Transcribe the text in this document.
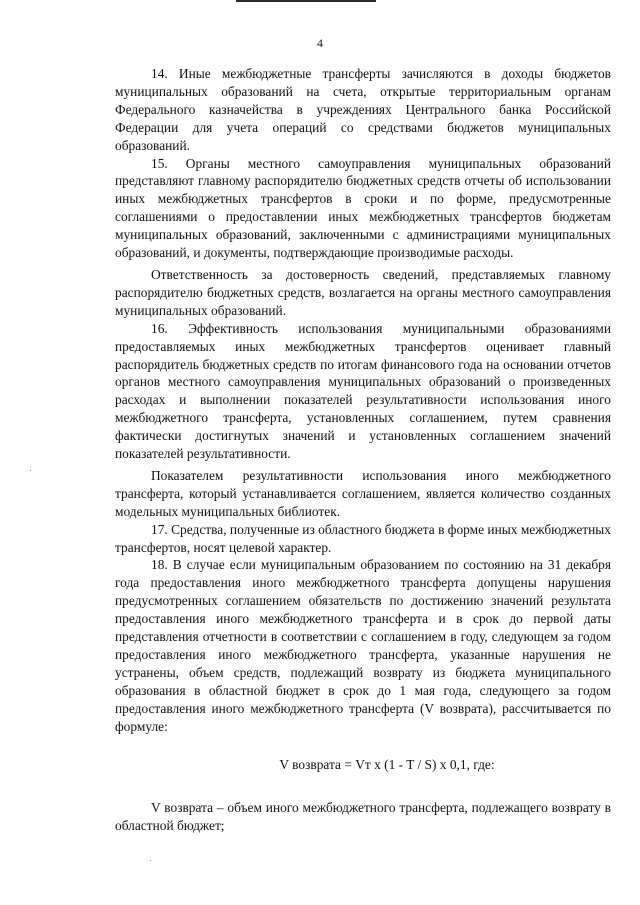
4

14. Иные межбюджетные трансферты зачисляются в доходы бюджетов муниципальных образований на счета, открытые территориальным органам Федерального казначейства в учреждениях Центрального банка Российской Федерации для учета операций со средствами бюджетов муниципальных образований.

15. Органы местного самоуправления муниципальных образований представляют главному распорядителю бюджетных средств отчеты об использовании иных межбюджетных трансфертов в сроки и по форме, предусмотренные соглашениями о предоставлении иных межбюджетных трансфертов бюджетам муниципальных образований, заключенными с администрациями муниципальных образований, и документы, подтверждающие производимые расходы.

Ответственность за достоверность сведений, представляемых главному распорядителю бюджетных средств, возлагается на органы местного самоуправления муниципальных образований.

16. Эффективность использования муниципальными образованиями предоставляемых иных межбюджетных трансфертов оценивает главный распорядитель бюджетных средств по итогам финансового года на основании отчетов органов местного самоуправления муниципальных образований о произведенных расходах и выполнении показателей результативности использования иного межбюджетного трансферта, установленных соглашением, путем сравнения фактически достигнутых значений и установленных соглашением значений показателей результативности.

Показателем результативности использования иного межбюджетного трансферта, который устанавливается соглашением, является количество созданных модельных муниципальных библиотек.

17. Средства, полученные из областного бюджета в форме иных межбюджетных трансфертов, носят целевой характер.

18. В случае если муниципальным образованием по состоянию на 31 декабря года предоставления иного межбюджетного трансферта допущены нарушения предусмотренных соглашением обязательств по достижению значений результата предоставления иного межбюджетного трансферта и в срок до первой даты представления отчетности в соответствии с соглашением в году, следующем за годом предоставления иного межбюджетного трансферта, указанные нарушения не устранены, объем средств, подлежащий возврату из бюджета муниципального образования в областной бюджет в срок до 1 мая года, следующего за годом предоставления иного межбюджетного трансферта (V возврата), рассчитывается по формуле:

V возврата = Vт x (1 - T / S) x 0,1, где:

V возврата – объем иного межбюджетного трансферта, подлежащего возврату в областной бюджет;
